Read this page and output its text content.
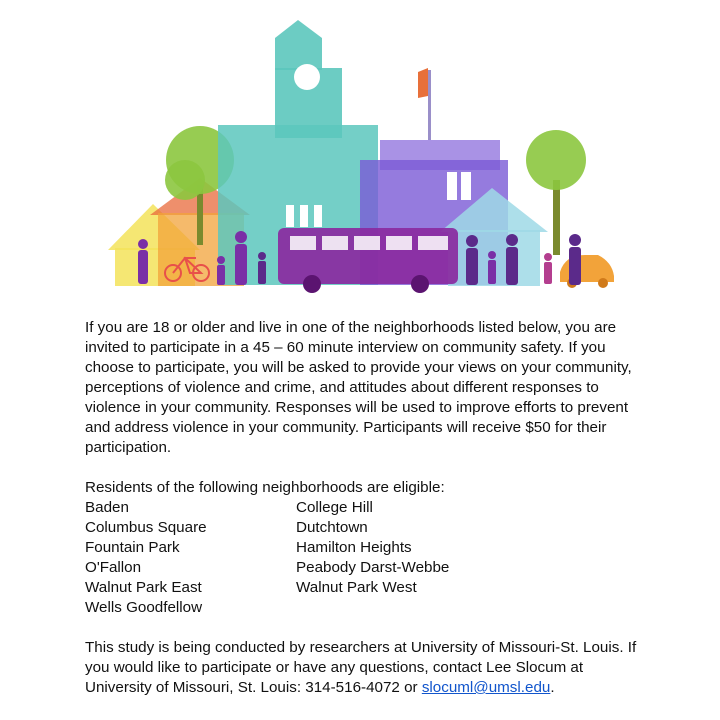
If you are 18 or older and live in one of the neighborhoods listed below, you are invited to participate in a 45 – 60 minute interview on community safety. If you choose to participate, you will be asked to provide your views on your community, perceptions of violence and crime, and attitudes about different responses to violence in your community. Responses will be used to improve efforts to prevent and address violence in your community. Participants will receive $50 for their participation.

Residents of the following neighborhoods are eligible:

Baden
Columbus Square
Fountain Park
O'Fallon
Walnut Park East
Wells Goodfellow
College Hill
Dutchtown
Hamilton Heights
Peabody Darst-Webbe
Walnut Park West

This study is being conducted by researchers at University of Missouri-St. Louis. If you would like to participate or have any questions, contact Lee Slocum at University of Missouri, St. Louis: 314-516-4072 or slocuml@umsl.edu.
